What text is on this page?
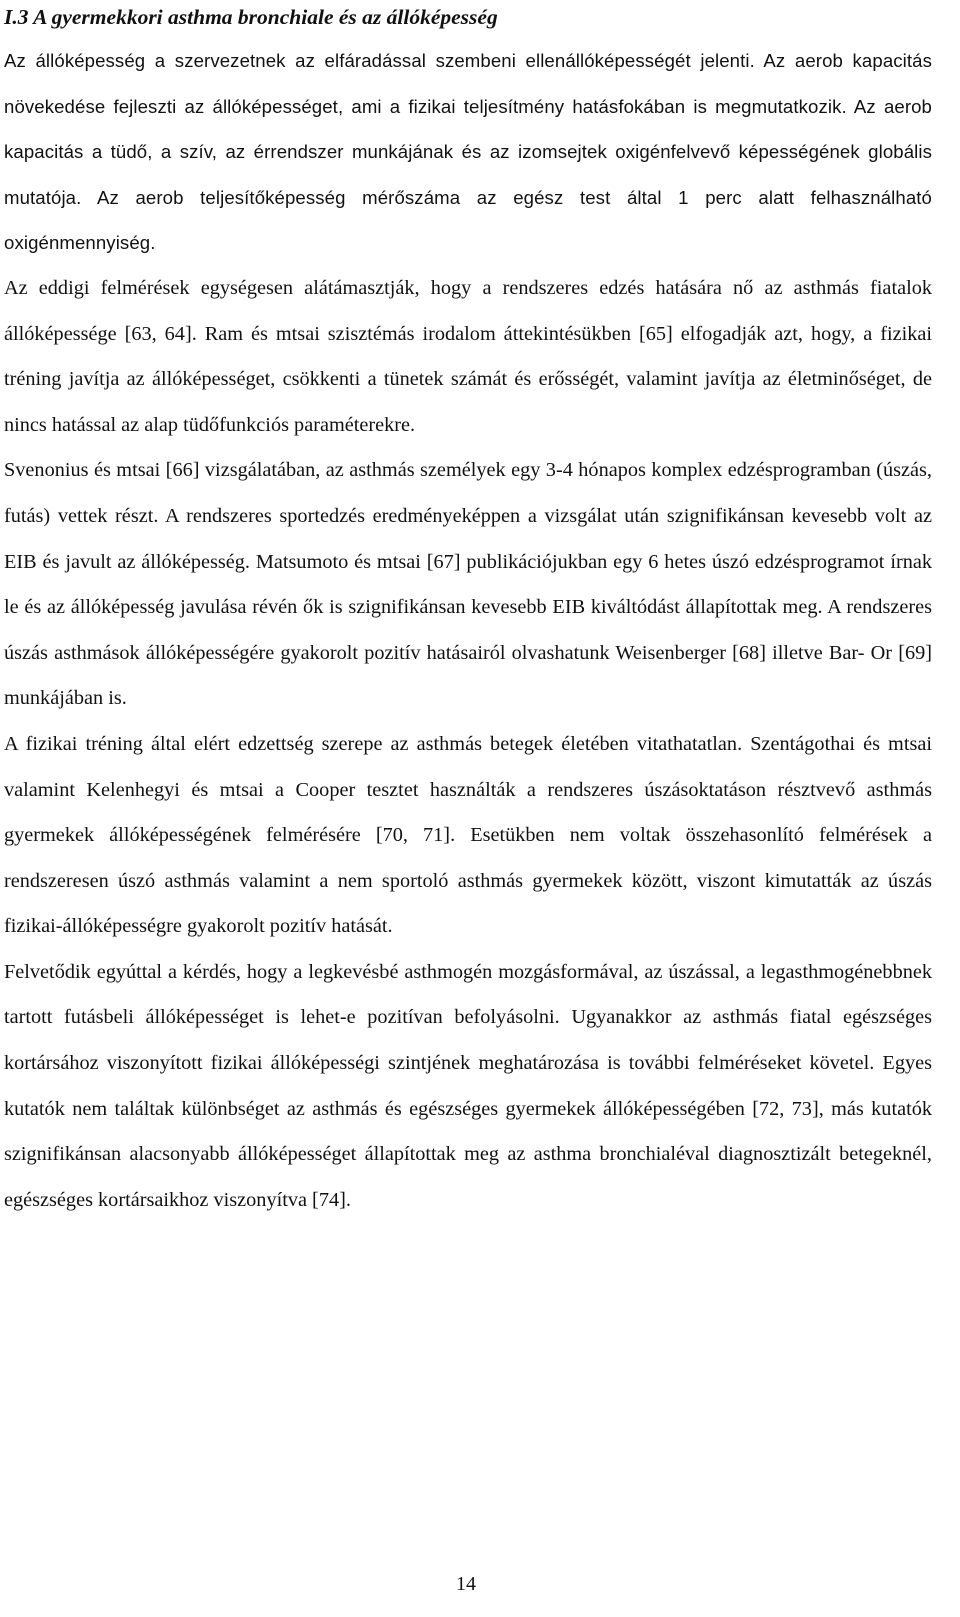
I.3 A gyermekkori asthma bronchiale és az állóképesség

Az állóképesség a szervezetnek az elfáradással szembeni ellenállóképességét jelenti. Az aerob kapacitás növekedése fejleszti az állóképességet, ami a fizikai teljesítmény hatásfokában is megmutatkozik. Az aerob kapacitás a tüdő, a szív, az érrendszer munkájának és az izomsejtek oxigénfelvevő képességének globális mutatója. Az aerob teljesítőképesség mérőszáma az egész test által 1 perc alatt felhasználható oxigénmennyiség.

Az eddigi felmérések egységesen alátámasztják, hogy a rendszeres edzés hatására nő az asthmás fiatalok állóképessége [63, 64]. Ram és mtsai szisztémás irodalom áttekintésükben [65] elfogadják azt, hogy, a fizikai tréning javítja az állóképességet, csökkenti a tünetek számát és erősségét, valamint javítja az életminőséget, de nincs hatással az alap tüdőfunkciós paraméterekre.

Svenonius és mtsai [66] vizsgálatában, az asthmás személyek egy 3-4 hónapos komplex edzésprogramban (úszás, futás) vettek részt. A rendszeres sportedzés eredményeképpen a vizsgálat után szignifikánsan kevesebb volt az EIB és javult az állóképesség. Matsumoto és mtsai [67] publikációjukban egy 6 hetes úszó edzésprogramot írnak le és az állóképesség javulása révén ők is szignifikánsan kevesebb EIB kiváltódást állapítottak meg. A rendszeres úszás asthmások állóképességére gyakorolt pozitív hatásairól olvashatunk Weisenberger [68] illetve Bar- Or [69] munkájában is.

A fizikai tréning által elért edzettség szerepe az asthmás betegek életében vitathatatlan. Szentágothai és mtsai valamint Kelenhegyi és mtsai a Cooper tesztet használták a rendszeres úszásoktatáson résztvevő asthmás gyermekek állóképességének felmérésére [70, 71]. Esetükben nem voltak összehasonlító felmérések a rendszeresen úszó asthmás valamint a nem sportoló asthmás gyermekek között, viszont kimutatták az úszás fizikai-állóképességre gyakorolt pozitív hatását.

Felvetődik egyúttal a kérdés, hogy a legkevésbé asthmogén mozgásformával, az úszással, a legasthmogénebbnek tartott futásbeli állóképességet is lehet-e pozitívan befolyásolni. Ugyanakkor az asthmás fiatal egészséges kortársához viszonyított fizikai állóképességi szintjének meghatározása is további felméréseket követel. Egyes kutatók nem találtak különbséget az asthmás és egészséges gyermekek állóképességében [72, 73], más kutatók szignifikánsan alacsonyabb állóképességet állapítottak meg az asthma bronchialéval diagnosztizált betegeknél, egészséges kortársaikhoz viszonyítva [74].

14
